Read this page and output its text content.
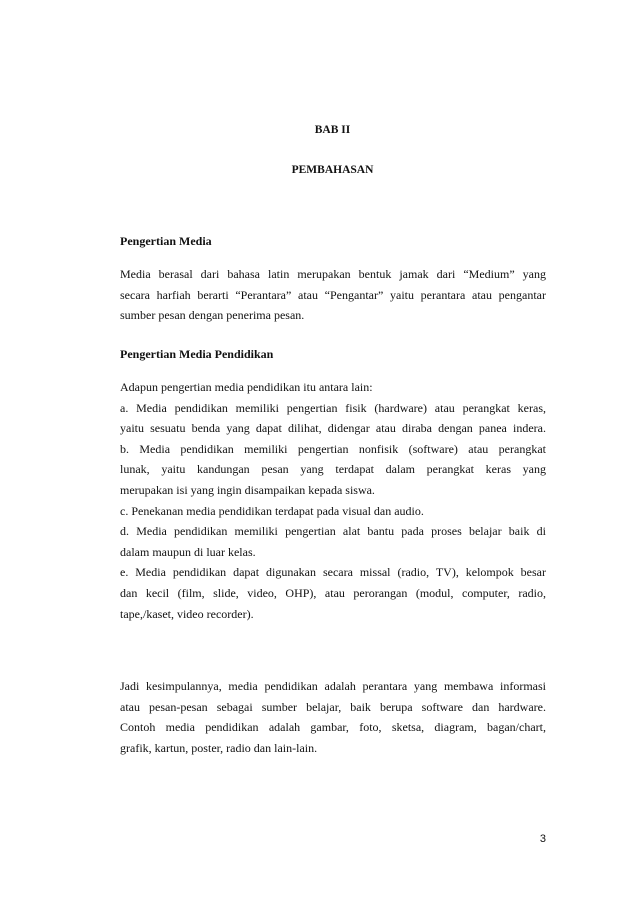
BAB II
PEMBAHASAN
Pengertian Media
Media berasal dari bahasa latin merupakan bentuk jamak dari “Medium” yang
secara harfiah berarti “Perantara” atau “Pengantar” yaitu perantara atau pengantar
sumber pesan dengan penerima pesan.
Pengertian Media Pendidikan
Adapun pengertian media pendidikan itu antara lain:
a. Media pendidikan memiliki pengertian fisik (hardware) atau perangkat keras,
yaitu sesuatu benda yang dapat dilihat, didengar atau diraba dengan panea indera.
b. Media pendidikan memiliki pengertian nonfisik (software) atau perangkat
lunak, yaitu kandungan pesan yang terdapat dalam perangkat keras yang
merupakan isi yang ingin disampaikan kepada siswa.
c. Penekanan media pendidikan terdapat pada visual dan audio.
d. Media pendidikan memiliki pengertian alat bantu pada proses belajar baik di
dalam maupun di luar kelas.
e. Media pendidikan dapat digunakan secara missal (radio, TV), kelompok besar
dan kecil (film, slide, video, OHP), atau perorangan (modul, computer, radio,
tape,/kaset, video recorder).
Jadi kesimpulannya, media pendidikan adalah perantara yang membawa informasi
atau pesan-pesan sebagai sumber belajar, baik berupa software dan hardware.
Contoh media pendidikan adalah gambar, foto, sketsa, diagram, bagan/chart,
grafik, kartun, poster, radio dan lain-lain.
3
